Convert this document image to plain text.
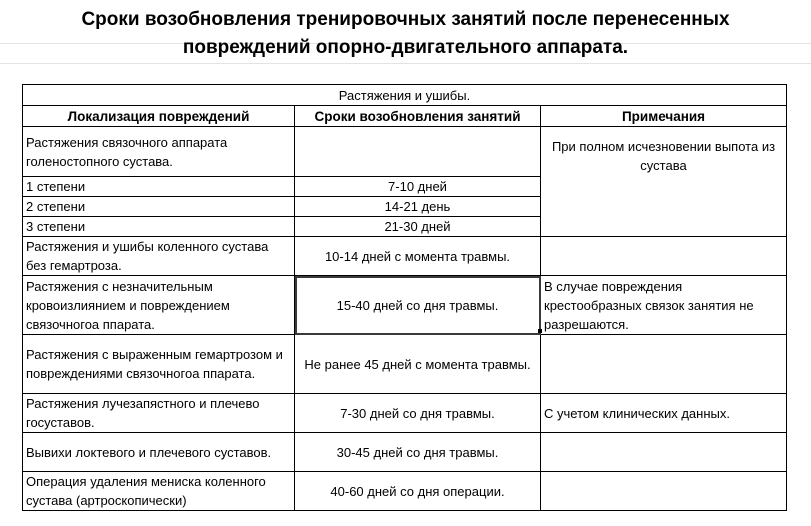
Сроки возобновления тренировочных занятий после перенесенных
повреждений опорно-двигательного аппарата.
Растяжения и ушибы.		
Локализация повреждений	Сроки возобновления занятий	Примечания
Растяжения связочного аппарата голеностопного сустава.		При полном исчезновении выпота из сустава
1 степени	7-10 дней	
2 степени	14-21 день	
3 степени	21-30 дней	
Растяжения и ушибы коленного сустава без гемартроза.	10-14 дней с момента травмы.	
Растяжения с незначительным кровоизлиянием и повреждением связочногоа ппарата.	15-40 дней со дня травмы.	В случае повреждения крестообразных связок занятия не разрешаются.
Растяжения с выраженным гемартрозом и повреждениями связочногоа ппарата.	Не ранее 45 дней с момента травмы.	
Растяжения лучезапястного и плечево госуставов.	7-30 дней со дня травмы.	С учетом клинических данных.
Вывихи локтевого и плечевого суставов.	30-45 дней со дня травмы.	
Операция удаления мениска коленного сустава (артроскопически)	40-60 дней со дня операции.	
